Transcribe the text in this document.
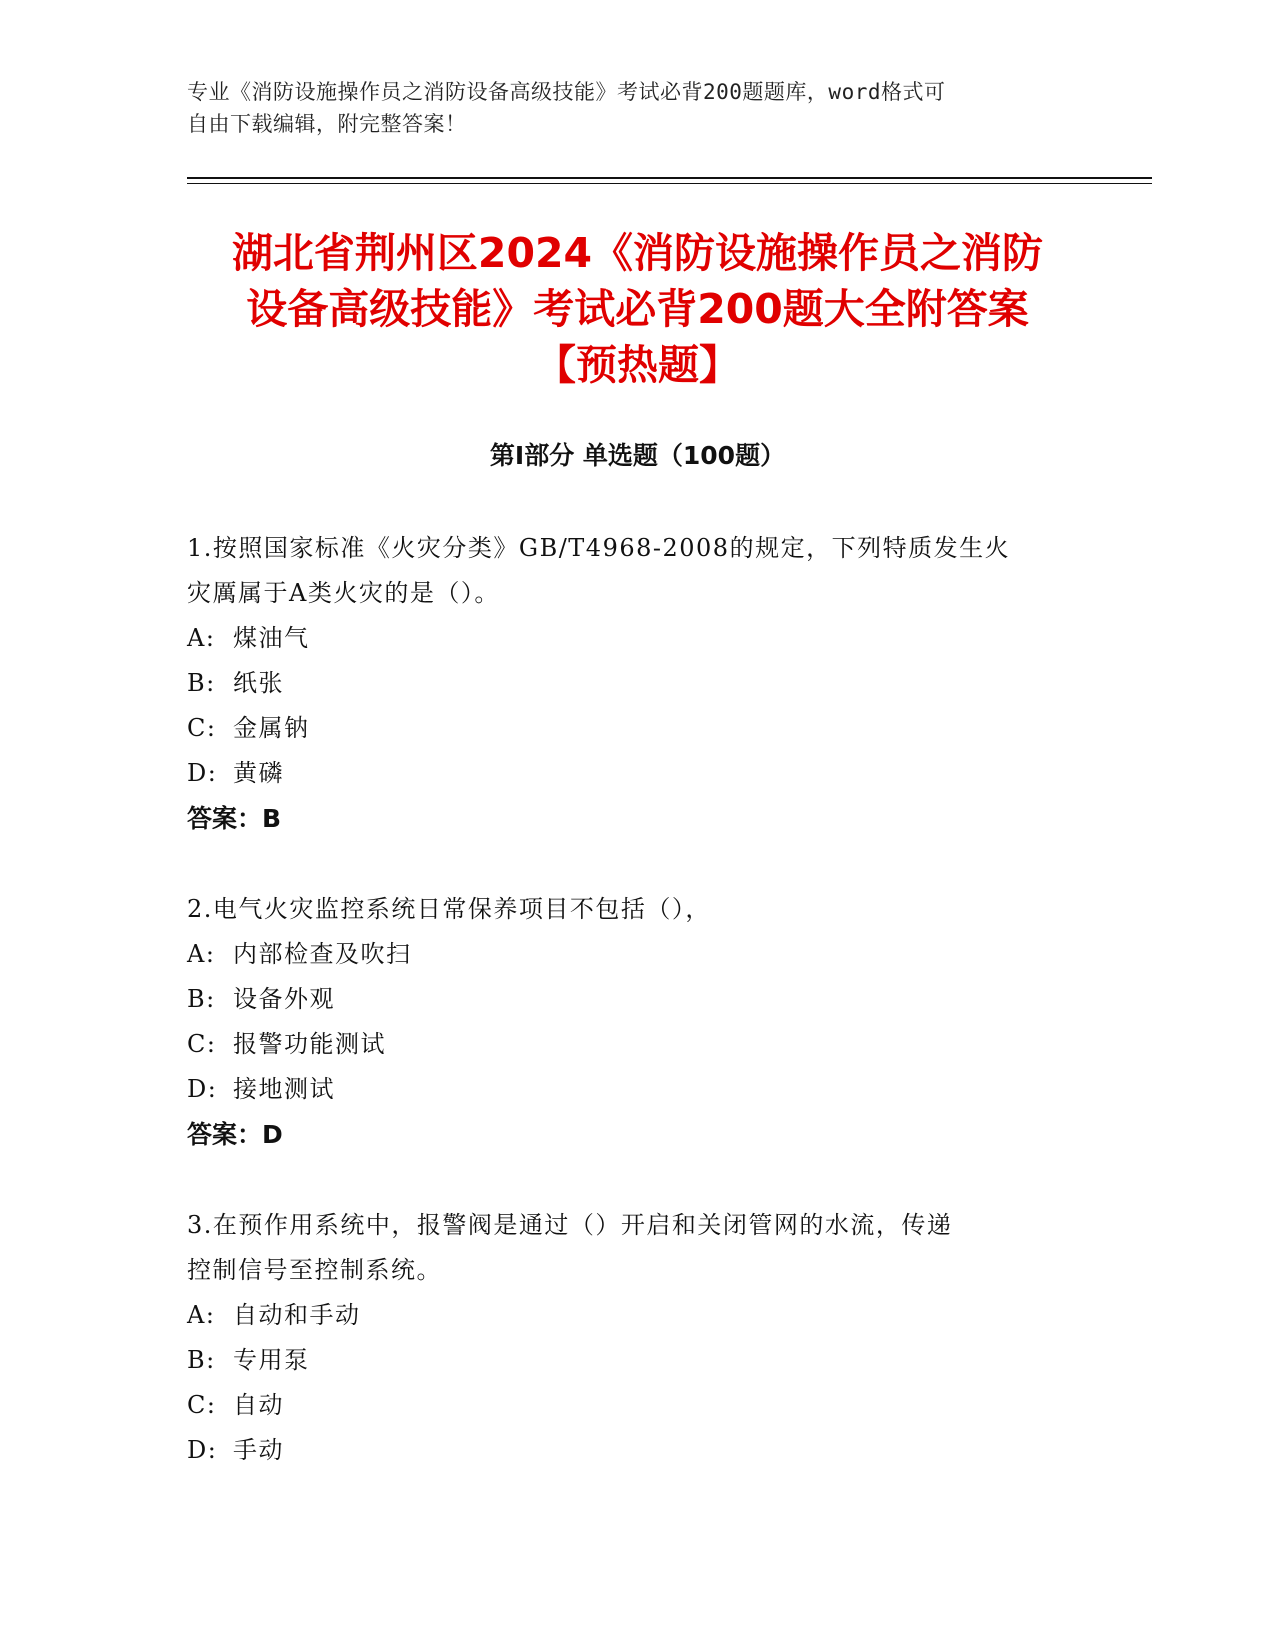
专业《消防设施操作员之消防设备高级技能》考试必背200题题库，word格式可
自由下载编辑，附完整答案！
湖北省荆州区2024《消防设施操作员之消防
设备高级技能》考试必背200题大全附答案
【预热题】
第I部分 单选题（100题）
1.按照国家标准《火灾分类》GB/T4968-2008的规定，下列特质发生火
灾厲属于A类火灾的是（）。
A: 煤油气
B: 纸张
C: 金属钠
D: 黄磷
答案：B
2.电气火灾监控系统日常保养项目不包括（），
A: 内部检查及吹扫
B: 设备外观
C: 报警功能测试
D: 接地测试
答案：D
3.在预作用系统中，报警阀是通过（）开启和关闭管网的水流，传递
控制信号至控制系统。
A: 自动和手动
B: 专用泵
C: 自动
D: 手动
